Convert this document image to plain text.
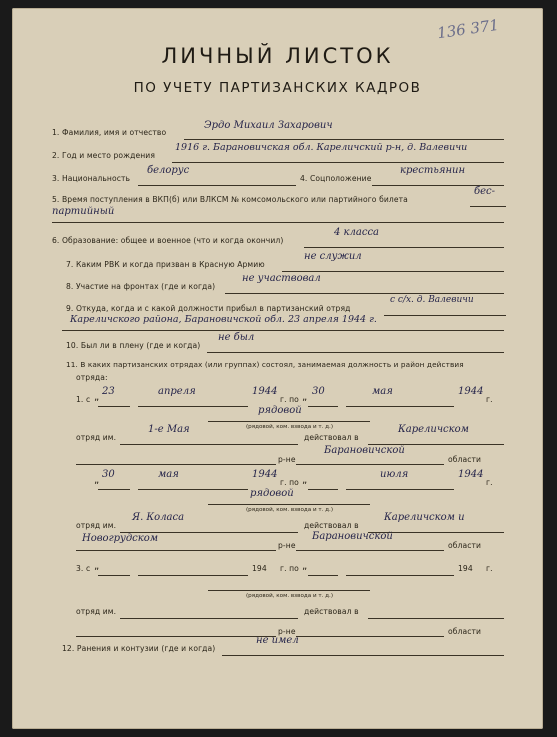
136 371
ЛИЧНЫЙ ЛИСТОК
ПО УЧЕТУ ПАРТИЗАНСКИХ КАДРОВ
1. Фамилия, имя и отчество
Эрдо Михаил Захарович
2. Год и место рождения
1916 г. Барановичская обл. Кареличский р-н, д. Валевичи
3. Национальность
белорус
4. Соцположение
крестьянин
5. Время поступления в ВКП(б) или ВЛКСМ № комсомольского или партийного билета
бес-
партийный
6. Образование: общее и военное (что и когда окончил)
4 класса
7. Каким РВК и когда призван в Красную Армию
не служил
8. Участие на фронтах (где и когда)
не участвовал
9. Откуда, когда и с какой должности прибыл в партизанский отряд
с с/х. д. Валевичи
Кареличского района, Барановичской обл. 23 апреля 1944 г.
10. Был ли в плену (где и когда)
не был
11. В каких партизанских отрядах (или группах) состоял, занимаемая должность и район действия
отряда:
1. с „
23	апреля	1944
г. по „
30	мая	1944
г.
рядовой
(рядовой, ком. взвода и т. д.)
отряд им.
1-е Мая
действовал в
Кареличском
р-не
Барановичской
области
„
30	мая	1944
г. по „
июля	1944
г.
рядовой
(рядовой, ком. взвода и т. д.)
отряд им.
Я. Коласа
действовал в
Кареличском и
Новогрудском
р-не
Барановичской
области
3. с „	194 г. по „	194 г.
(рядовой, ком. взвода и т. д.)
отряд им.	действовал в
р-не	области
12. Ранения и контузии (где и когда)
не имел
